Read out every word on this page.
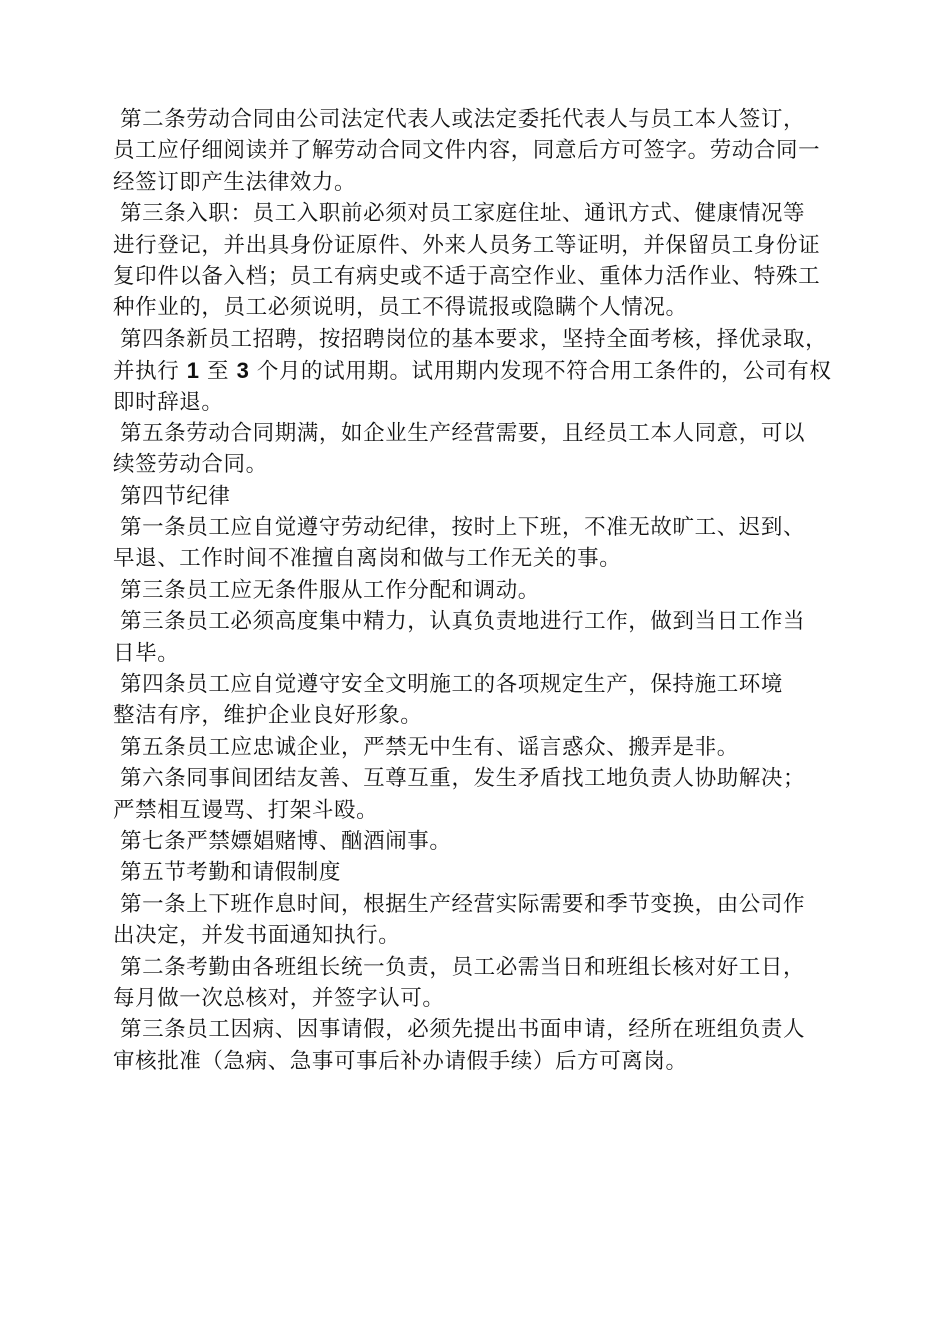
第二条劳动合同由公司法定代表人或法定委托代表人与员工本人签订，
员工应仔细阅读并了解劳动合同文件内容，同意后方可签字。劳动合同一
经签订即产生法律效力。
第三条入职：员工入职前必须对员工家庭住址、通讯方式、健康情况等
进行登记，并出具身份证原件、外来人员务工等证明，并保留员工身份证
复印件以备入档；员工有病史或不适于高空作业、重体力活作业、特殊工
种作业的，员工必须说明，员工不得谎报或隐瞒个人情况。
第四条新员工招聘，按招聘岗位的基本要求，坚持全面考核，择优录取，
并执行 1 至 3 个月的试用期。试用期内发现不符合用工条件的，公司有权
即时辞退。
第五条劳动合同期满，如企业生产经营需要，且经员工本人同意，可以
续签劳动合同。
第四节纪律
第一条员工应自觉遵守劳动纪律，按时上下班，不准无故旷工、迟到、
早退、工作时间不准擅自离岗和做与工作无关的事。
第三条员工应无条件服从工作分配和调动。
第三条员工必须高度集中精力，认真负责地进行工作，做到当日工作当
日毕。
第四条员工应自觉遵守安全文明施工的各项规定生产，保持施工环境
整洁有序，维护企业良好形象。
第五条员工应忠诚企业，严禁无中生有、谣言惑众、搬弄是非。
第六条同事间团结友善、互尊互重，发生矛盾找工地负责人协助解决；
严禁相互谩骂、打架斗殴。
第七条严禁嫖娼赌博、酗酒闹事。
第五节考勤和请假制度
第一条上下班作息时间，根据生产经营实际需要和季节变换，由公司作
出决定，并发书面通知执行。
第二条考勤由各班组长统一负责，员工必需当日和班组长核对好工日，
每月做一次总核对，并签字认可。
第三条员工因病、因事请假，必须先提出书面申请，经所在班组负责人
审核批准（急病、急事可事后补办请假手续）后方可离岗。
